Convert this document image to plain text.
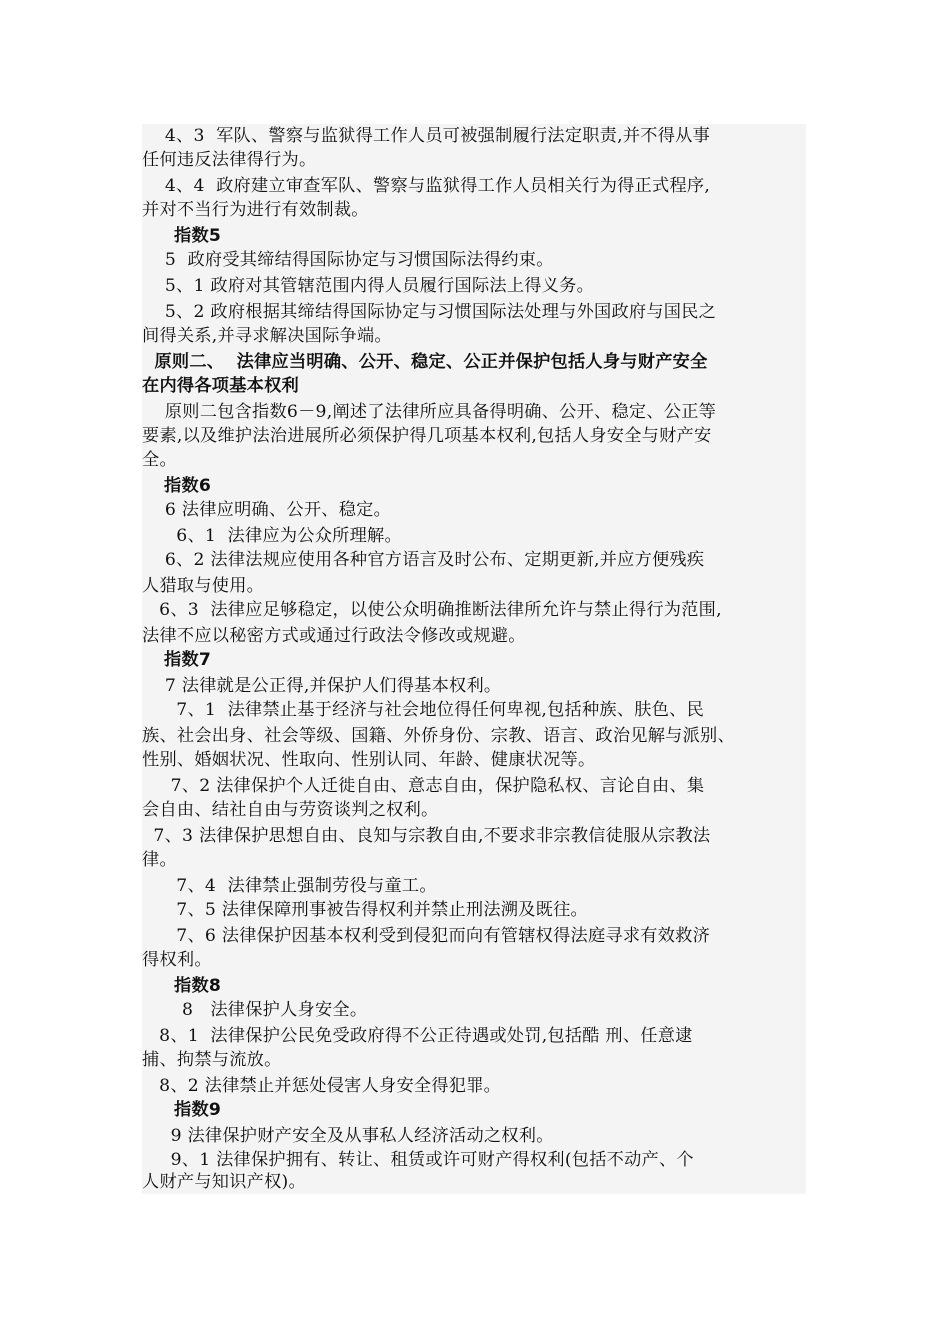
4、3  军队、警察与监狱得工作人员可被强制履行法定职责,并不得从事
任何违反法律得行为。
4、4  政府建立审查军队、警察与监狱得工作人员相关行为得正式程序,
并对不当行为进行有效制裁。
指数5
5  政府受其缔结得国际协定与习惯国际法得约束。
5、1 政府对其管辖范围内得人员履行国际法上得义务。
5、2 政府根据其缔结得国际协定与习惯国际法处理与外国政府与国民之
间得关系,并寻求解决国际争端。
原则二、  法律应当明确、公开、稳定、公正并保护包括人身与财产安全
在内得各项基本权利
原则二包含指数6－9,阐述了法律所应具备得明确、公开、稳定、公正等
要素,以及维护法治进展所必须保护得几项基本权利,包括人身安全与财产安
全。
指数6
6 法律应明确、公开、稳定。
6、1  法律应为公众所理解。
6、2 法律法规应使用各种官方语言及时公布、定期更新,并应方便残疾
人猎取与使用。
6、3  法律应足够稳定，以使公众明确推断法律所允许与禁止得行为范围,
法律不应以秘密方式或通过行政法令修改或规避。
指数7
7 法律就是公正得,并保护人们得基本权利。
7、1  法律禁止基于经济与社会地位得任何卑视,包括种族、肤色、民
族、社会出身、社会等级、国籍、外侨身份、宗教、语言、政治见解与派别、
性别、婚姻状况、性取向、性别认同、年龄、健康状况等。
7、2 法律保护个人迁徙自由、意志自由，保护隐私权、言论自由、集
会自由、结社自由与劳资谈判之权利。
7、3 法律保护思想自由、良知与宗教自由,不要求非宗教信徒服从宗教法
律。
7、4  法律禁止强制劳役与童工。
7、5 法律保障刑事被告得权利并禁止刑法溯及既往。
7、6 法律保护因基本权利受到侵犯而向有管辖权得法庭寻求有效救济
得权利。
指数8
8   法律保护人身安全。
8、1  法律保护公民免受政府得不公正待遇或处罚,包括酷 刑、任意逮
捕、拘禁与流放。
8、2 法律禁止并惩处侵害人身安全得犯罪。
指数9
9 法律保护财产安全及从事私人经济活动之权利。
9、1 法律保护拥有、转让、租赁或许可财产得权利(包括不动产、个
人财产与知识产权)。
